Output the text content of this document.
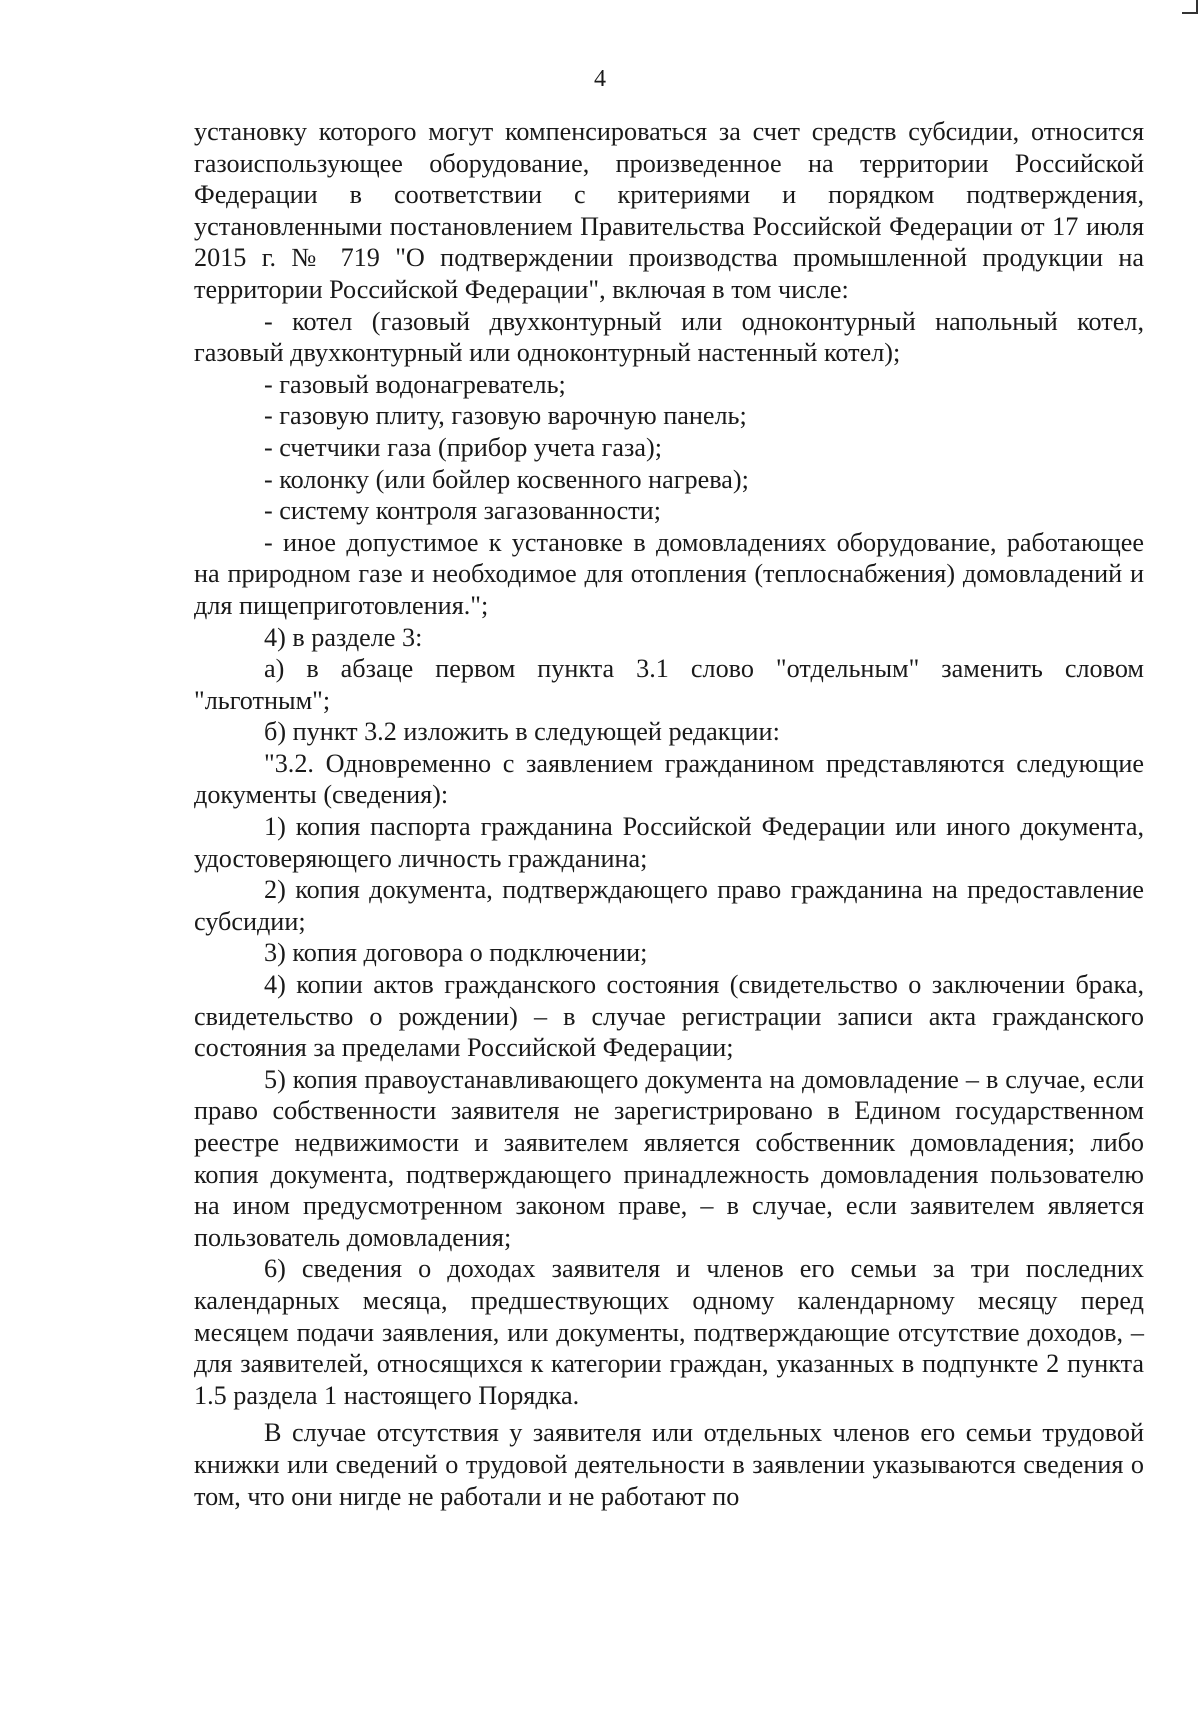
4

установку которого могут компенсироваться за счет средств субсидии, относится газоиспользующее оборудование, произведенное на территории Российской Федерации в соответствии с критериями и порядком подтверждения, установленными постановлением Правительства Российской Федерации от 17 июля 2015 г. № 719 "О подтверждении производства промышленной продукции на территории Российской Федерации", включая в том числе:

- котел (газовый двухконтурный или одноконтурный напольный котел, газовый двухконтурный или одноконтурный настенный котел);

- газовый водонагреватель;

- газовую плиту, газовую варочную панель;

- счетчики газа (прибор учета газа);

- колонку (или бойлер косвенного нагрева);

- систему контроля загазованности;

- иное допустимое к установке в домовладениях оборудование, работающее на природном газе и необходимое для отопления (теплоснабжения) домовладений и для пищеприготовления.";

4) в разделе 3:

а) в абзаце первом пункта 3.1 слово "отдельным" заменить словом "льготным";

б) пункт 3.2 изложить в следующей редакции:

"3.2. Одновременно с заявлением гражданином представляются следующие документы (сведения):

1) копия паспорта гражданина Российской Федерации или иного документа, удостоверяющего личность гражданина;

2) копия документа, подтверждающего право гражданина на предоставление субсидии;

3) копия договора о подключении;

4) копии актов гражданского состояния (свидетельство о заключении брака, свидетельство о рождении) – в случае регистрации записи акта гражданского состояния за пределами Российской Федерации;

5) копия правоустанавливающего документа на домовладение – в случае, если право собственности заявителя не зарегистрировано в Едином государственном реестре недвижимости и заявителем является собственник домовладения; либо копия документа, подтверждающего принадлежность домовладения пользователю на ином предусмотренном законом праве, – в случае, если заявителем является пользователь домовладения;

6) сведения о доходах заявителя и членов его семьи за три последних календарных месяца, предшествующих одному календарному месяцу перед месяцем подачи заявления, или документы, подтверждающие отсутствие доходов, – для заявителей, относящихся к категории граждан, указанных в подпункте 2 пункта 1.5 раздела 1 настоящего Порядка.

В случае отсутствия у заявителя или отдельных членов его семьи трудовой книжки или сведений о трудовой деятельности в заявлении указываются сведения о том, что они нигде не работали и не работают по
